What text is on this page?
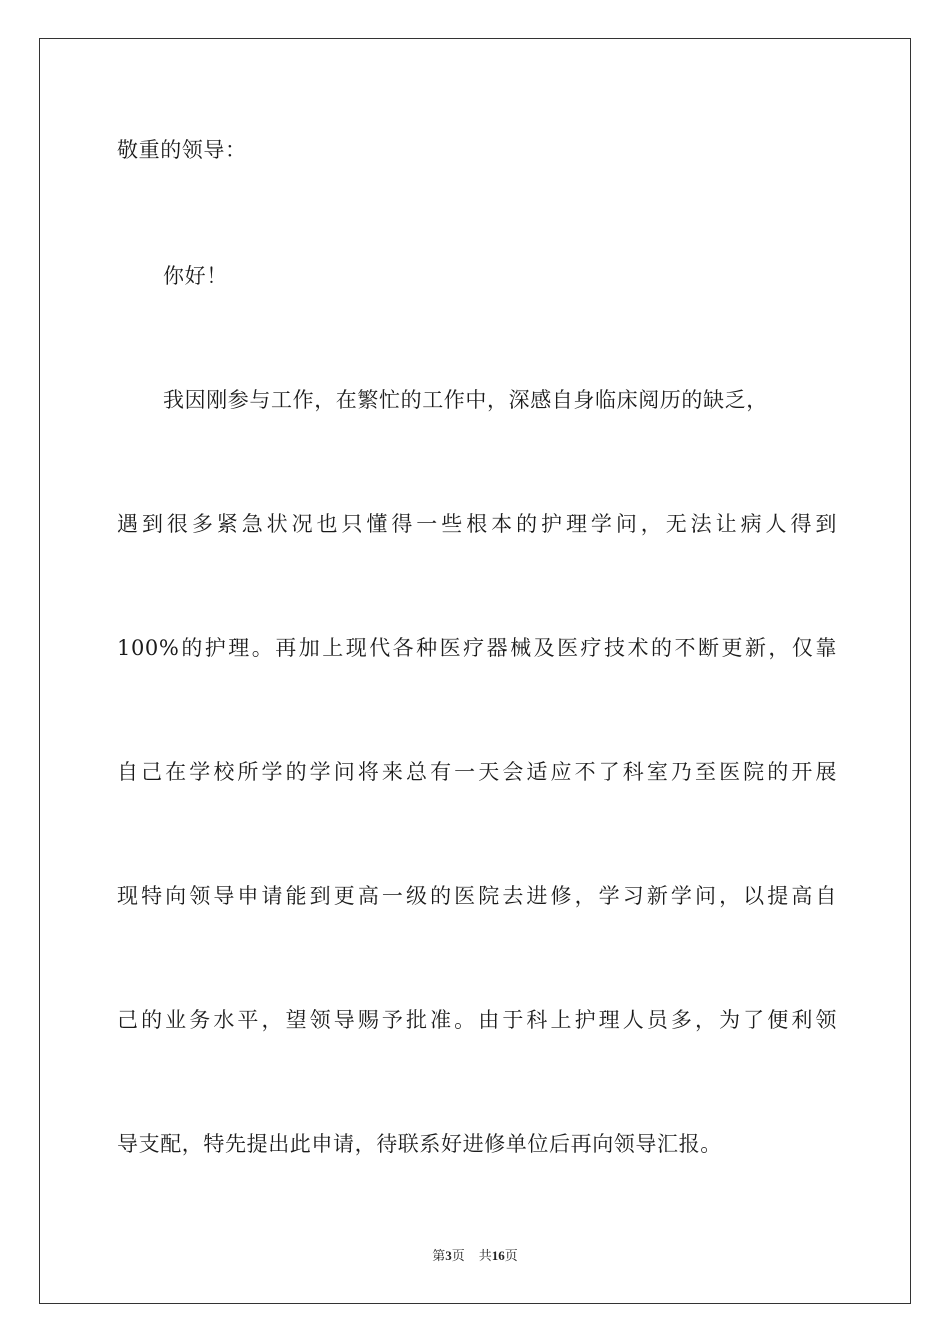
敬重的领导：
你好！
我因刚参与工作，在繁忙的工作中，深感自身临床阅历的缺乏，
遇到很多紧急状况也只懂得一些根本的护理学问，无法让病人得到
100%的护理。再加上现代各种医疗器械及医疗技术的不断更新，仅靠
自己在学校所学的学问将来总有一天会适应不了科室乃至医院的开展
现特向领导申请能到更高一级的医院去进修，学习新学问，以提高自
己的业务水平，望领导赐予批准。由于科上护理人员多，为了便利领
导支配，特先提出此申请，待联系好进修单位后再向领导汇报。
第3页 共16页
